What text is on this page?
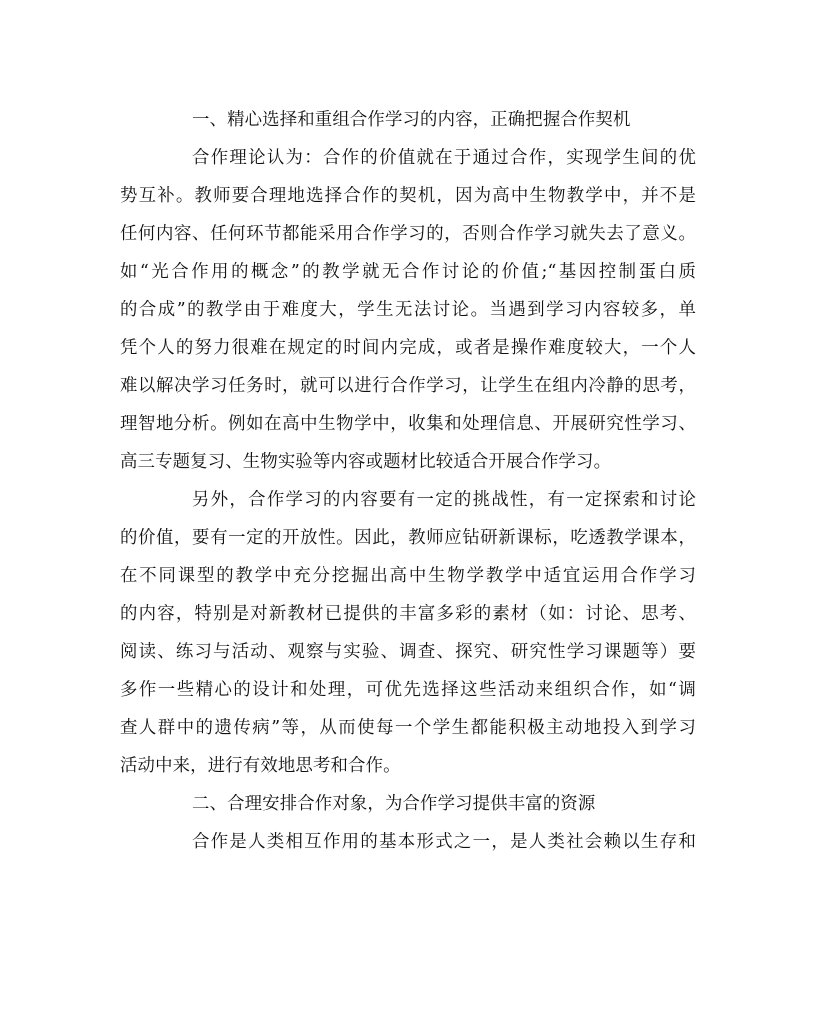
一、精心选择和重组合作学习的内容，正确把握合作契机
合作理论认为：合作的价值就在于通过合作，实现学生间的优
势互补。教师要合理地选择合作的契机，因为高中生物教学中，并不是
任何内容、任何环节都能采用合作学习的，否则合作学习就失去了意义。
如“光合作用的概念”的教学就无合作讨论的价值;“基因控制蛋白质
的合成”的教学由于难度大，学生无法讨论。当遇到学习内容较多，单
凭个人的努力很难在规定的时间内完成，或者是操作难度较大，一个人
难以解决学习任务时，就可以进行合作学习，让学生在组内冷静的思考，
理智地分析。例如在高中生物学中，收集和处理信息、开展研究性学习、
高三专题复习、生物实验等内容或题材比较适合开展合作学习。
另外，合作学习的内容要有一定的挑战性，有一定探索和讨论
的价值，要有一定的开放性。因此，教师应钻研新课标，吃透教学课本，
在不同课型的教学中充分挖掘出高中生物学教学中适宜运用合作学习
的内容，特别是对新教材已提供的丰富多彩的素材（如：讨论、思考、
阅读、练习与活动、观察与实验、调查、探究、研究性学习课题等）要
多作一些精心的设计和处理，可优先选择这些活动来组织合作，如“调
查人群中的遗传病”等，从而使每一个学生都能积极主动地投入到学习
活动中来，进行有效地思考和合作。
二、合理安排合作对象，为合作学习提供丰富的资源
合作是人类相互作用的基本形式之一，是人类社会赖以生存和
